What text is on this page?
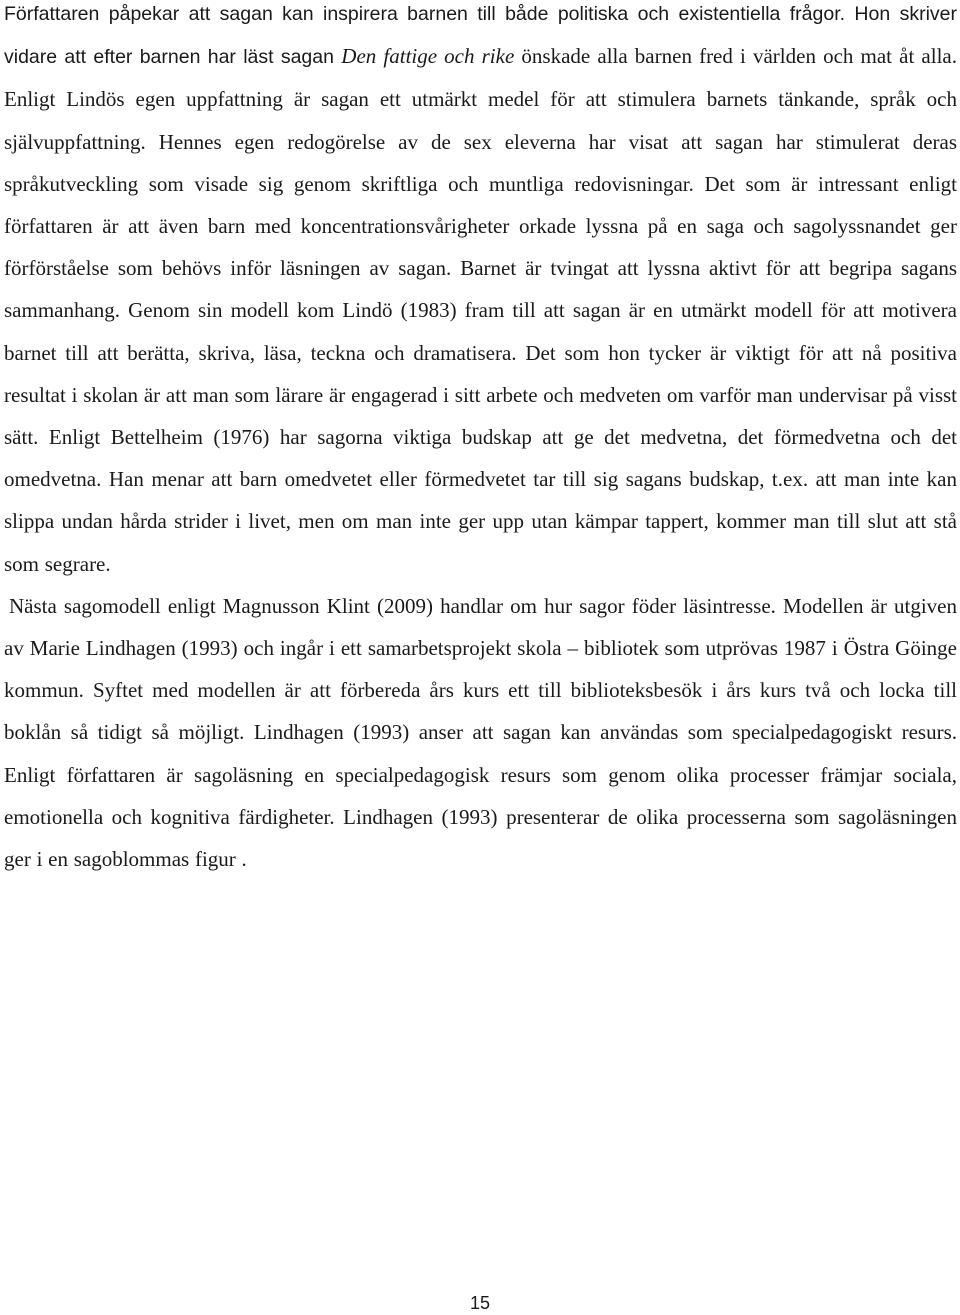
Författaren påpekar att sagan kan inspirera barnen till både politiska och existentiella frågor. Hon skriver vidare att efter barnen har läst sagan Den fattige och rike önskade alla barnen fred i världen och mat åt alla. Enligt Lindös egen uppfattning är sagan ett utmärkt medel för att stimulera barnets tänkande, språk och självuppfattning. Hennes egen redogörelse av de sex eleverna har visat att sagan har stimulerat deras språkutveckling som visade sig genom skriftliga och muntliga redovisningar. Det som är intressant enligt författaren är att även barn med koncentrationsvårigheter orkade lyssna på en saga och sagolyssnandet ger förförståelse som behövs inför läsningen av sagan. Barnet är tvingat att lyssna aktivt för att begripa sagans sammanhang. Genom sin modell kom Lindö (1983) fram till att sagan är en utmärkt modell för att motivera barnet till att berätta, skriva, läsa, teckna och dramatisera. Det som hon tycker är viktigt för att nå positiva resultat i skolan är att man som lärare är engagerad i sitt arbete och medveten om varför man undervisar på visst sätt. Enligt Bettelheim (1976) har sagorna viktiga budskap att ge det medvetna, det förmedvetna och det omedvetna. Han menar att barn omedvetet eller förmedvetet tar till sig sagans budskap, t.ex. att man inte kan slippa undan hårda strider i livet, men om man inte ger upp utan kämpar tappert, kommer man till slut att stå som segrare.

Nästa sagomodell enligt Magnusson Klint (2009) handlar om hur sagor föder läsintresse. Modellen är utgiven av Marie Lindhagen (1993) och ingår i ett samarbetsprojekt skola – bibliotek som utprövas 1987 i Östra Göinge kommun. Syftet med modellen är att förbereda års kurs ett till biblioteksbesök i års kurs två och locka till boklån så tidigt så möjligt. Lindhagen (1993) anser att sagan kan användas som specialpedagogiskt resurs. Enligt författaren är sagoläsning en specialpedagogisk resurs som genom olika processer främjar sociala, emotionella och kognitiva färdigheter. Lindhagen (1993) presenterar de olika processerna som sagoläsningen ger i en sagoblommas figur .

15
